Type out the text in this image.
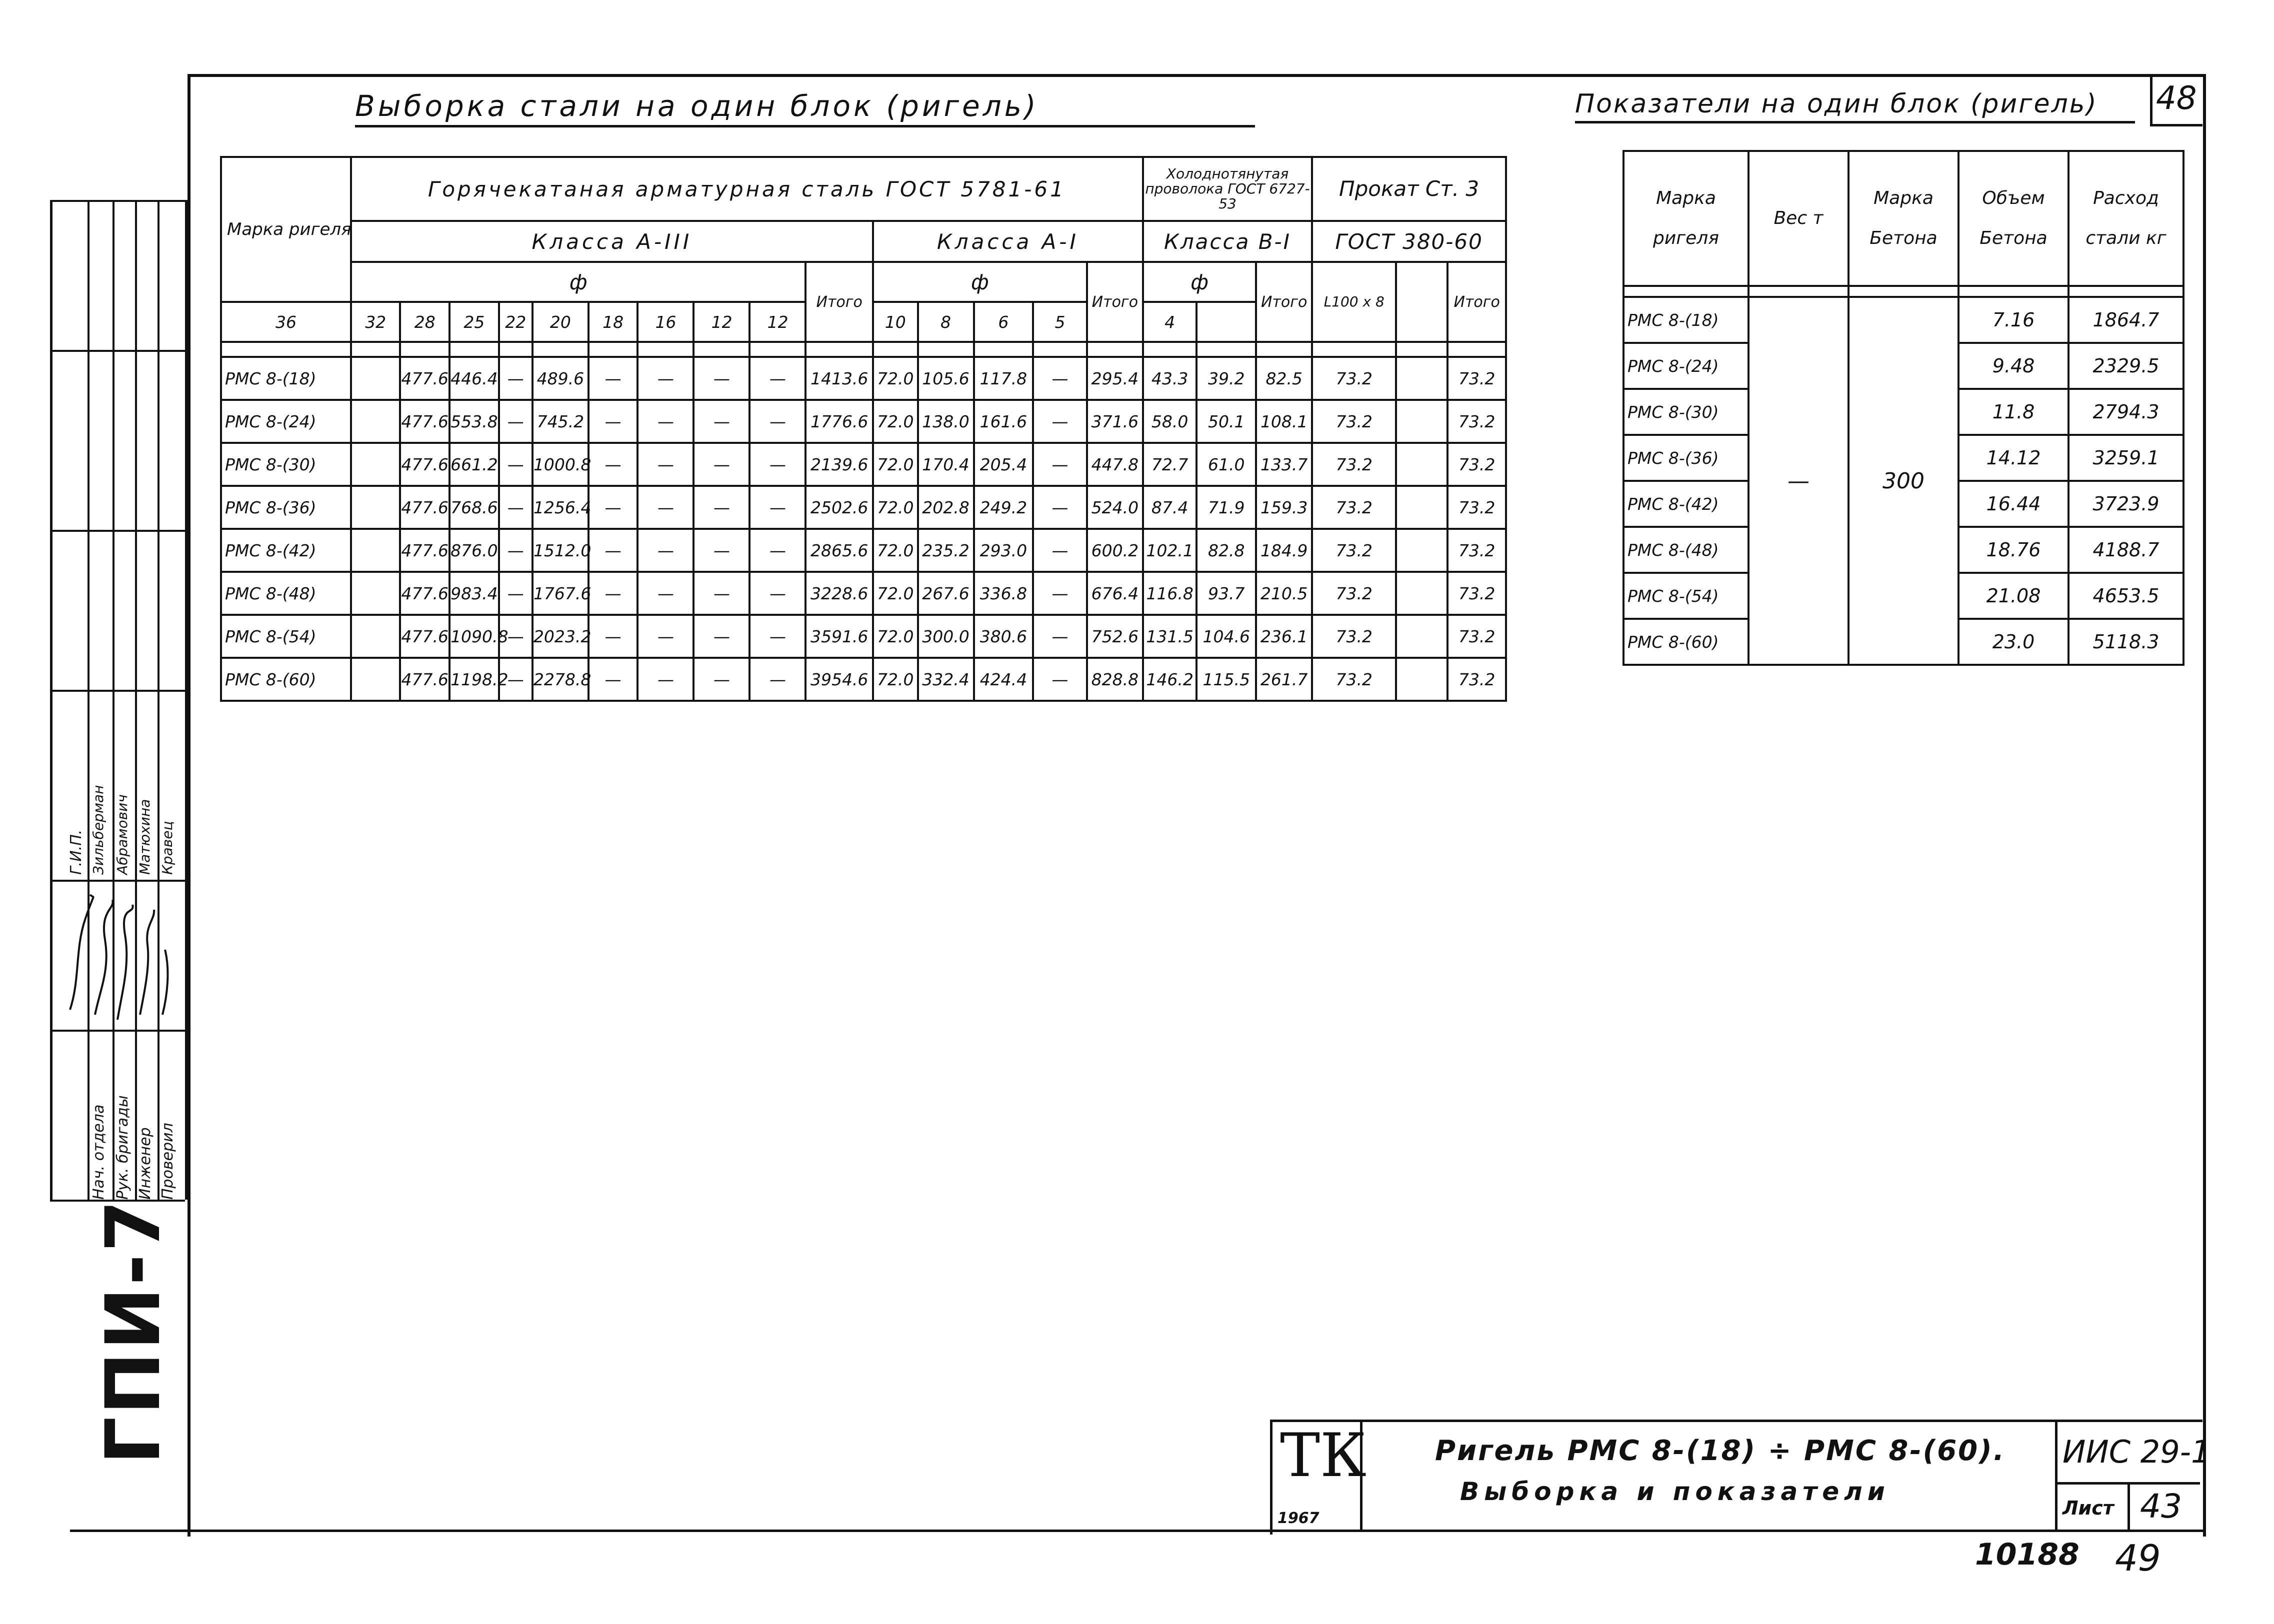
48
Выборка стали на один блок (ригель)	Показатели на один блок (ригель)
Марка ригеля	Горячекатаная арматурная сталь ГОСТ 5781-61															Холоднотянутая проволока ГОСТ 6727-53			Прокат Ст. 3		
	Класса А-III										Класса А-I					Класса В-I			ГОСТ 380-60		
	ф									Итого	ф				Итого	ф		Итого	L100 x 8		Итого
36	32	28	25	22	20	18	16	12	12		10	8	6	5		4					

РМС 8-(18)		477.6	446.4	—	489.6	—	—	—	—	1413.6	72.0	105.6	117.8	—	295.4	43.3	39.2	82.5	73.2		73.2
РМС 8-(24)		477.6	553.8	—	745.2	—	—	—	—	1776.6	72.0	138.0	161.6	—	371.6	58.0	50.1	108.1	73.2		73.2
РМС 8-(30)		477.6	661.2	—	1000.8	—	—	—	—	2139.6	72.0	170.4	205.4	—	447.8	72.7	61.0	133.7	73.2		73.2
РМС 8-(36)		477.6	768.6	—	1256.4	—	—	—	—	2502.6	72.0	202.8	249.2	—	524.0	87.4	71.9	159.3	73.2		73.2
РМС 8-(42)		477.6	876.0	—	1512.0	—	—	—	—	2865.6	72.0	235.2	293.0	—	600.2	102.1	82.8	184.9	73.2		73.2
РМС 8-(48)		477.6	983.4	—	1767.6	—	—	—	—	3228.6	72.0	267.6	336.8	—	676.4	116.8	93.7	210.5	73.2		73.2
РМС 8-(54)		477.6	1090.8	—	2023.2	—	—	—	—	3591.6	72.0	300.0	380.6	—	752.6	131.5	104.6	236.1	73.2		73.2
РМС 8-(60)		477.6	1198.2	—	2278.8	—	—	—	—	3954.6	72.0	332.4	424.4	—	828.8	146.2	115.5	261.7	73.2		73.2
Марка ригеля	Вес т	Марка Бетона	Объем Бетона	Расход стали кг

РМС 8-(18)	—	300	7.16	1864.7
РМС 8-(24)			9.48	2329.5
РМС 8-(30)			11.8	2794.3
РМС 8-(36)			14.12	3259.1
РМС 8-(42)			16.44	3723.9
РМС 8-(48)			18.76	4188.7
РМС 8-(54)			21.08	4653.5
РМС 8-(60)			23.0	5118.3
Нач. отдела Рук. бригады Инженер Проверил
Г.И.П. Зильберман Абрамович Матюхина Кравец
ГПИ-7	ТК
1967
Ригель РМС 8-(18) ÷ РМС 8-(60).
Выборка и показатели
ИИС 29-1
Лист 43
10188 49
